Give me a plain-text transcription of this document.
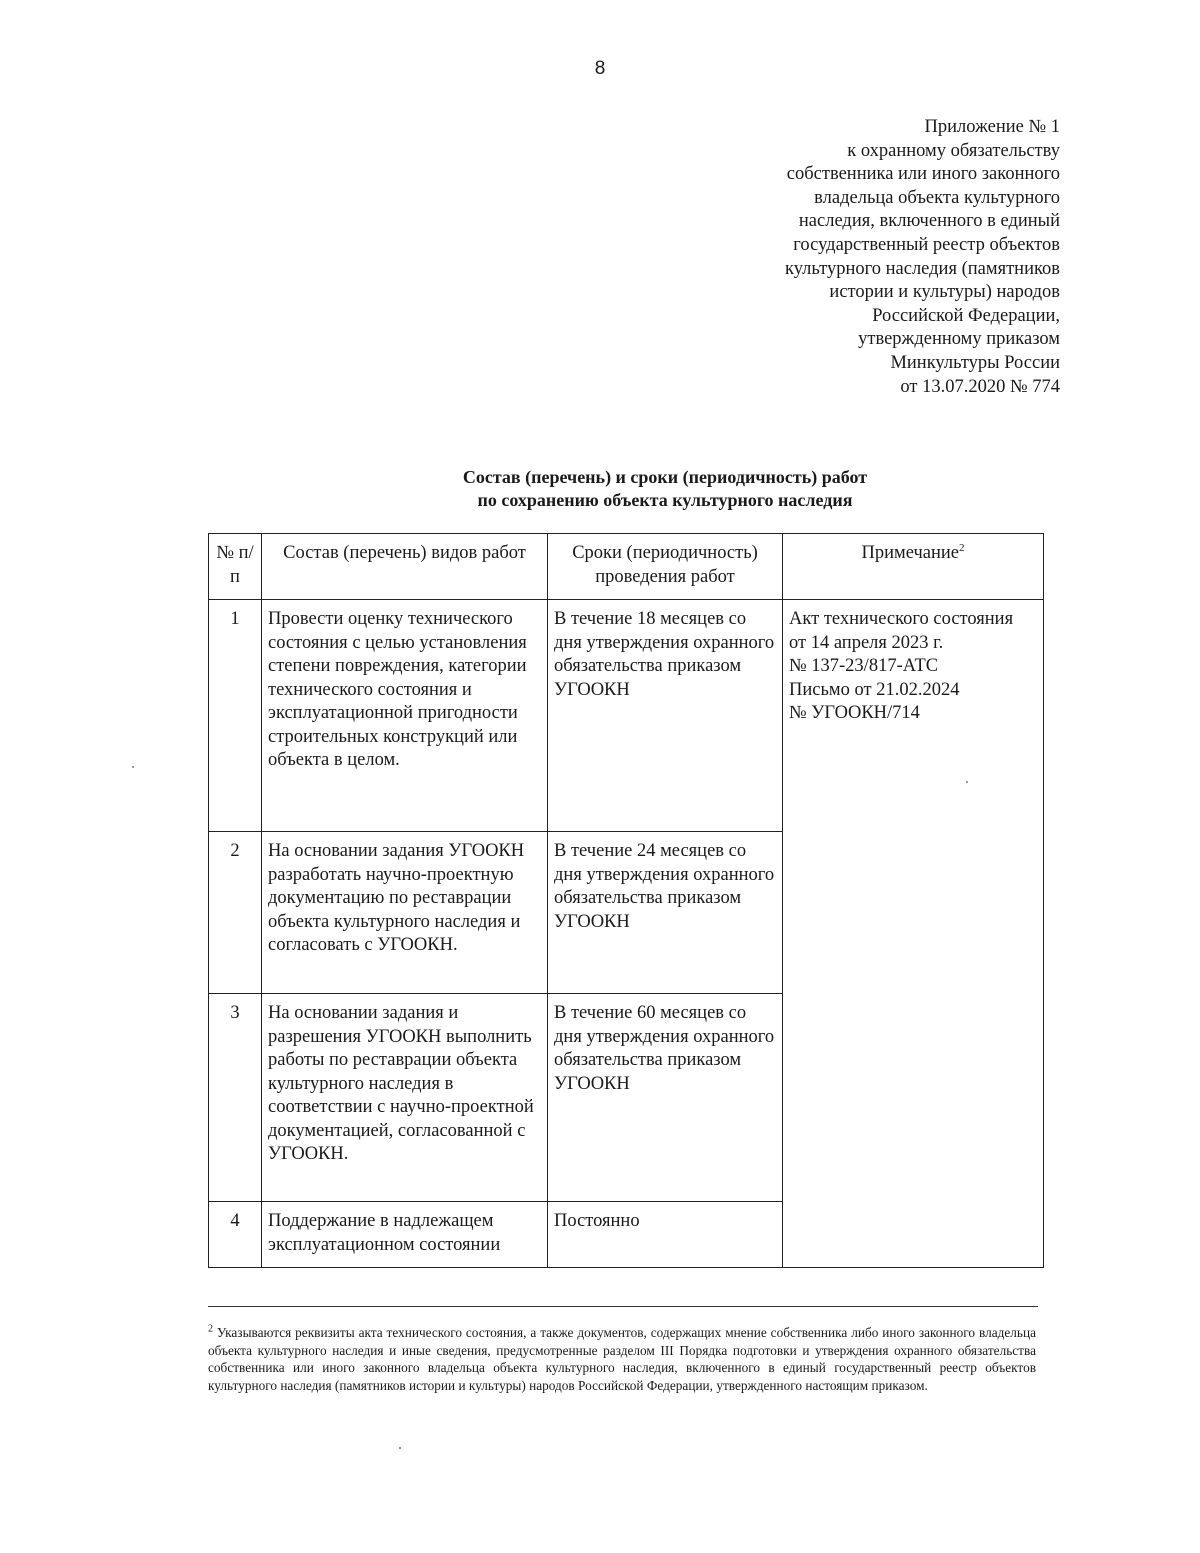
8
Приложение № 1
к охранному обязательству
собственника или иного законного
владельца объекта культурного
наследия, включенного в единый
государственный реестр объектов
культурного наследия (памятников
истории и культуры) народов
Российской Федерации,
утвержденному приказом
Минкультуры России
от 13.07.2020 № 774
Состав (перечень) и сроки (периодичность) работ
по сохранению объекта культурного наследия
№ п/п	Состав (перечень) видов работ	Сроки (периодичность) проведения работ	Примечание$^2$
1	Провести оценку технического состояния с целью установления степени повреждения, категории технического состояния и эксплуатационной пригодности строительных конструкций или объекта в целом.	В течение 18 месяцев со дня утверждения охранного обязательства приказом УГООКН	Акт технического состояния
от 14 апреля 2023 г.
№ 137-23/817-АТС
Письмо от 21.02.2024
№ УГООКН/714

2	На основании задания УГООКН разработать научно-проектную документацию по реставрации объекта культурного наследия и согласовать с УГООКН.	В течение 24 месяцев со дня утверждения охранного обязательства приказом УГООКН	
3	На основании задания и разрешения УГООКН выполнить работы по реставрации объекта культурного наследия в соответствии с научно-проектной документацией, согласованной с УГООКН.	В течение 60 месяцев со дня утверждения охранного обязательства приказом УГООКН	
4	Поддержание в надлежащем эксплуатационном состоянии	Постоянно	
$^2$ Указываются реквизиты акта технического состояния, а также документов, содержащих мнение собственника либо иного законного владельца объекта культурного наследия и иные сведения, предусмотренные разделом III Порядка подготовки и утверждения охранного обязательства собственника или иного законного владельца объекта культурного наследия, включенного в единый государственный реестр объектов культурного наследия (памятников истории и культуры) народов Российской Федерации, утвержденного настоящим приказом.
